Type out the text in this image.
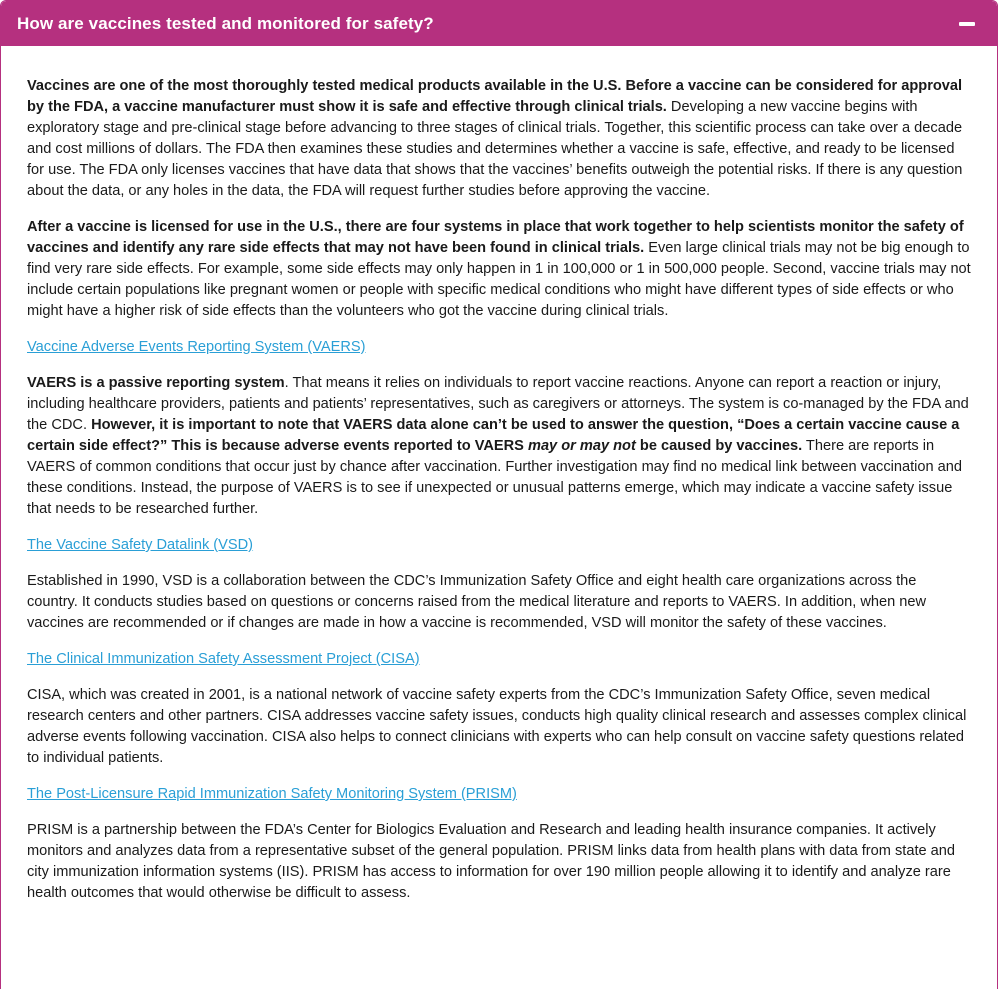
How are vaccines tested and monitored for safety?

Vaccines are one of the most thoroughly tested medical products available in the U.S. Before a vaccine can be considered for approval by the FDA, a vaccine manufacturer must show it is safe and effective through clinical trials. Developing a new vaccine begins with exploratory stage and pre-clinical stage before advancing to three stages of clinical trials. Together, this scientific process can take over a decade and cost millions of dollars. The FDA then examines these studies and determines whether a vaccine is safe, effective, and ready to be licensed for use. The FDA only licenses vaccines that have data that shows that the vaccines’ benefits outweigh the potential risks. If there is any question about the data, or any holes in the data, the FDA will request further studies before approving the vaccine.

After a vaccine is licensed for use in the U.S., there are four systems in place that work together to help scientists monitor the safety of vaccines and identify any rare side effects that may not have been found in clinical trials. Even large clinical trials may not be big enough to find very rare side effects. For example, some side effects may only happen in 1 in 100,000 or 1 in 500,000 people. Second, vaccine trials may not include certain populations like pregnant women or people with specific medical conditions who might have different types of side effects or who might have a higher risk of side effects than the volunteers who got the vaccine during clinical trials.

Vaccine Adverse Events Reporting System (VAERS)

VAERS is a passive reporting system. That means it relies on individuals to report vaccine reactions. Anyone can report a reaction or injury, including healthcare providers, patients and patients’ representatives, such as caregivers or attorneys. The system is co-managed by the FDA and the CDC. However, it is important to note that VAERS data alone can’t be used to answer the question, “Does a certain vaccine cause a certain side effect?” This is because adverse events reported to VAERS may or may not be caused by vaccines. There are reports in VAERS of common conditions that occur just by chance after vaccination. Further investigation may find no medical link between vaccination and these conditions. Instead, the purpose of VAERS is to see if unexpected or unusual patterns emerge, which may indicate a vaccine safety issue that needs to be researched further.

The Vaccine Safety Datalink (VSD)

Established in 1990, VSD is a collaboration between the CDC’s Immunization Safety Office and eight health care organizations across the country. It conducts studies based on questions or concerns raised from the medical literature and reports to VAERS. In addition, when new vaccines are recommended or if changes are made in how a vaccine is recommended, VSD will monitor the safety of these vaccines.

The Clinical Immunization Safety Assessment Project (CISA)

CISA, which was created in 2001, is a national network of vaccine safety experts from the CDC’s Immunization Safety Office, seven medical research centers and other partners. CISA addresses vaccine safety issues, conducts high quality clinical research and assesses complex clinical adverse events following vaccination. CISA also helps to connect clinicians with experts who can help consult on vaccine safety questions related to individual patients.

The Post-Licensure Rapid Immunization Safety Monitoring System (PRISM)

PRISM is a partnership between the FDA’s Center for Biologics Evaluation and Research and leading health insurance companies. It actively monitors and analyzes data from a representative subset of the general population. PRISM links data from health plans with data from state and city immunization information systems (IIS). PRISM has access to information for over 190 million people allowing it to identify and analyze rare health outcomes that would otherwise be difficult to assess.
